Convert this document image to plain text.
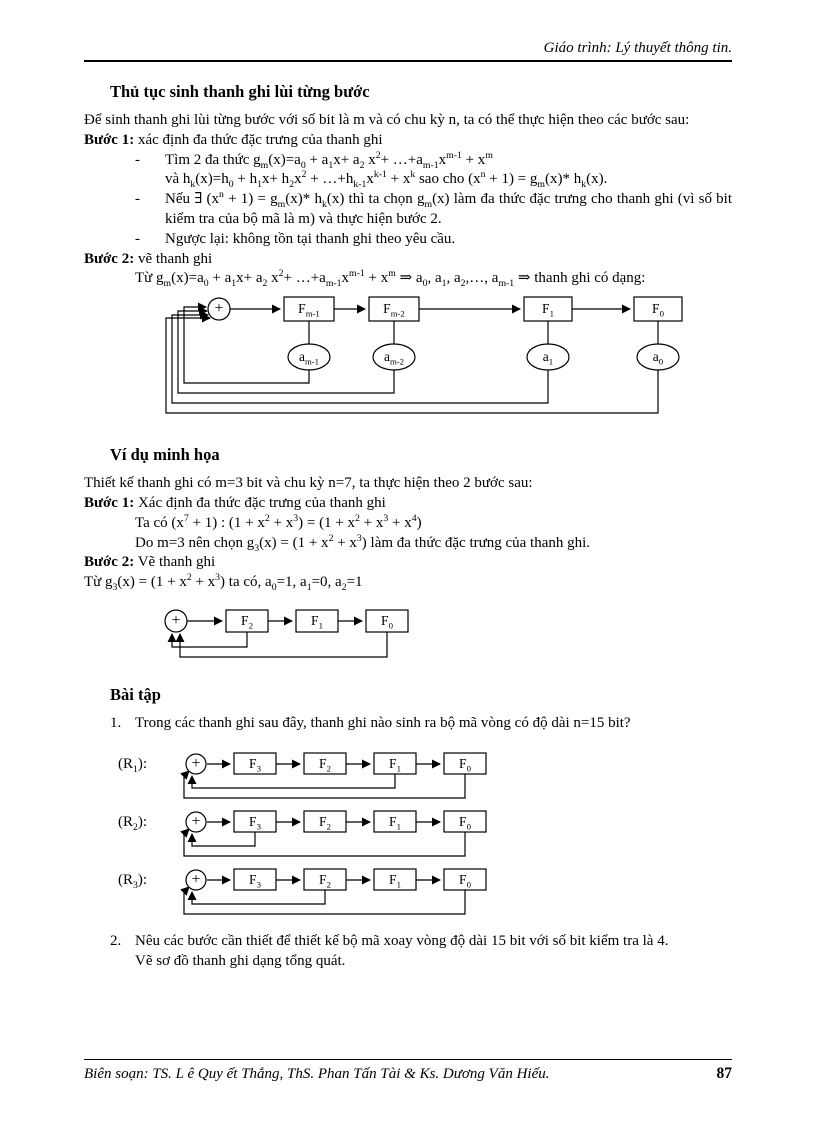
Giáo trình: Lý thuyết thông tin.
Thủ tục sinh thanh ghi lùi từng bước

Để sinh thanh ghi lùi từng bước với số bit là m và có chu kỳ n, ta có thể thực hiện theo các bước sau:

Bước 1: xác định đa thức đặc trưng của thanh ghi

-	Tìm 2 đa thức $g_m(x)=a_0 + a_1x+ a_2$ $x^2+$ $\dots+a_{m-1}x^{m-1} + x^m$
và $h_k(x)=h_0 + h_1x+ h_2x^2$ + $\dots+h_{k-1}x^{k-1} + x^k$ sao cho $(x^n + 1) = g_m(x)*$ $h_k(x)$.
-	Nếu ∃ $(x^n + 1) = g_m(x)*$ $h_k(x)$ thì ta chọn $g_m(x)$ làm đa thức đặc trưng cho thanh ghi (vì số bit kiểm tra của bộ mã là m) và thực hiện bước 2.
-	Ngược lại: không tồn tại thanh ghi theo yêu cầu.

Bước 2: vẽ thanh ghi

Từ $g_m(x)=a_0 + a_1x+ a_2$ $x^2+$ $\dots+a_{m-1}x^{m-1} + x^m$ ⇒ $a_0$, $a_1$, $a_2,\dots$, $a_{m-1}$ ⇒ thanh ghi có dạng:

+	$F_{m-1}$	$F_{m-2}$	$F_1$	$F_0$
$a_{m-1}$	$a_{m-2}$	$a_1$	$a_0$
Ví dụ minh họa

Thiết kế thanh ghi có m=3 bit và chu kỳ n=7, ta thực hiện theo 2 bước sau:

Bước 1: Xác định đa thức đặc trưng của thanh ghi

Ta có $(x^7 + 1)$ : $(1 + x^2 + x^3) = (1 + x^2 + x^3 + x^4)$

Do m=3 nên chọn $g_3(x) = (1 + x^2 + x^3)$ làm đa thức đặc trưng của thanh ghi.

Bước 2: Vẽ thanh ghi

Từ $g_3(x) = (1 + x^2 + x^3)$ ta có, $a_0=1$, $a_1=0$, $a_2=1$

+	$F_2$	$F_1$	$F_0$
Bài tập
1. Trong các thanh ghi sau đây, thanh ghi nào sinh ra bộ mã vòng có độ dài n=15 bit?
$(R_1)$:	+	$F_3$	$F_2$	$F_1$	$F_0$
$(R_2)$:	+	$F_3$	$F_2$	$F_1$	$F_0$
$(R_3)$:	+	$F_3$	$F_2$	$F_1$	$F_0$
2. Nêu các bước cần thiết để thiết kế bộ mã xoay vòng độ dài 15 bit với số bit kiểm tra là 4.
Vẽ sơ đồ thanh ghi dạng tổng quát.
Biên soạn: TS. L ê Quy ết Thắng, ThS. Phan Tấn Tài & Ks. Dương Văn Hiếu.	87
